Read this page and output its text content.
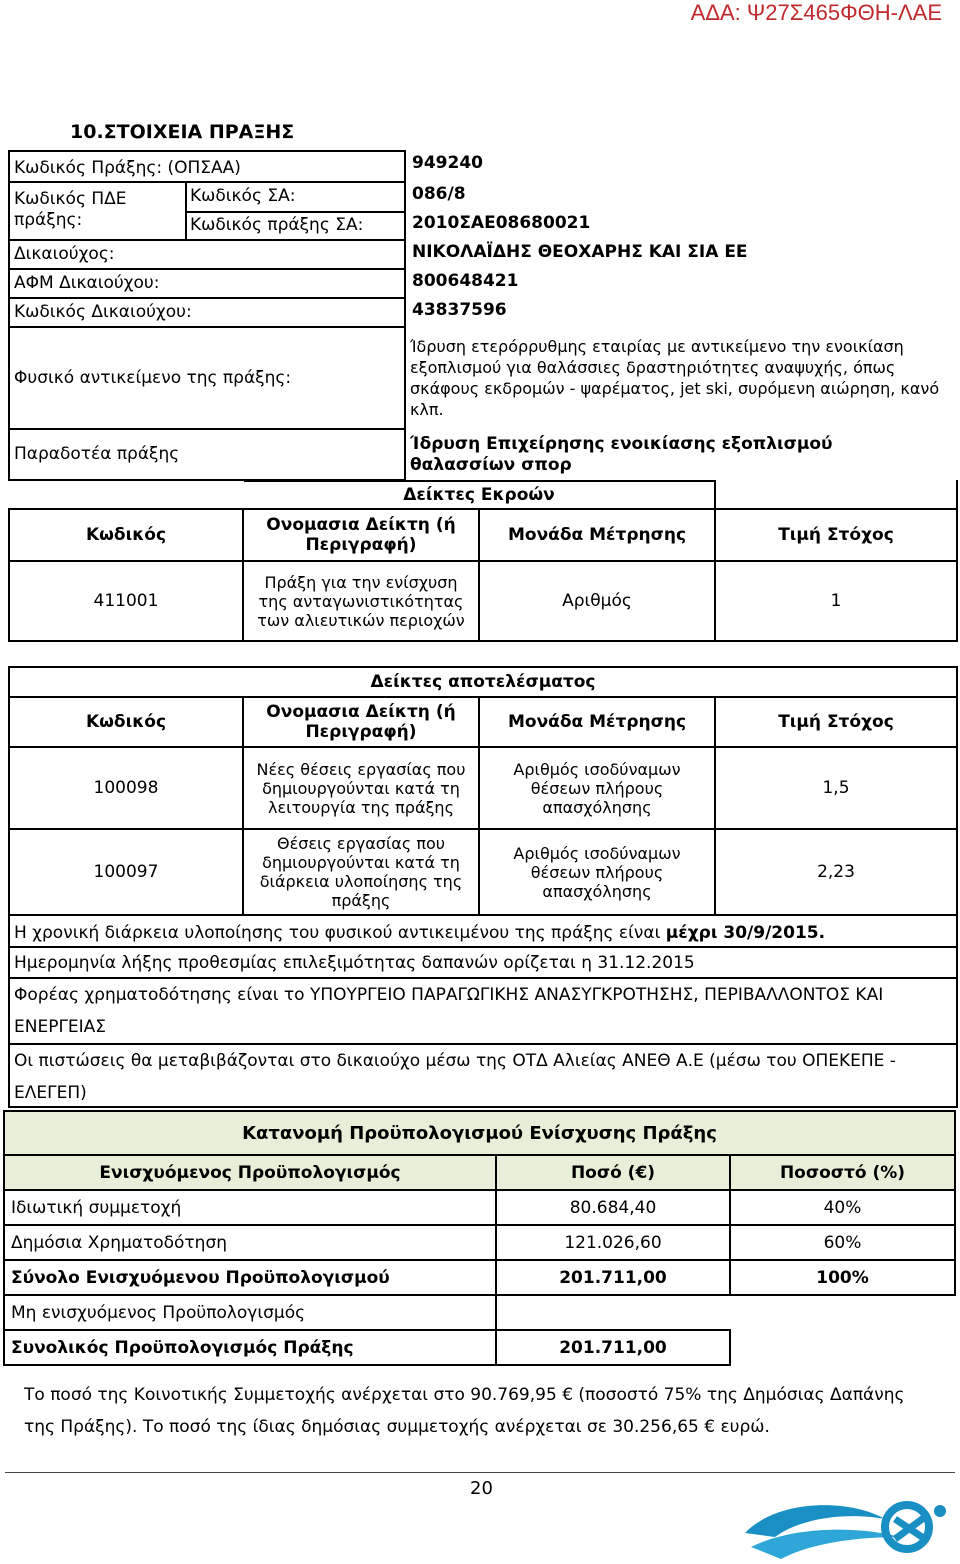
ΑΔΑ: Ψ27Σ465ΦΘΗ-ΛΑΕ
10.ΣΤΟΙΧΕΙΑ ΠΡΑΞΗΣ
Κωδικός Πράξης: (ΟΠΣΑΑ)	949240
Κωδικός ΠΔΕ
πράξης:
Κωδικός ΣΑ:	086/8
Κωδικός πράξης ΣΑ:	2010ΣΑΕ08680021
Δικαιούχος:	ΝΙΚΟΛΑΪΔΗΣ ΘΕΟΧΑΡΗΣ ΚΑΙ ΣΙΑ ΕΕ
ΑΦΜ Δικαιούχου:	800648421
Κωδικός Δικαιούχου:	43837596
Φυσικό αντικείμενο της πράξης:
Ίδρυση ετερόρρυθμης εταιρίας με αντικείμενο την ενοικίαση εξοπλισμού για θαλάσσιες δραστηριότητες αναψυχής, όπως σκάφους εκδρομών - ψαρέματος, jet ski, συρόμενη αιώρηση, κανό κλπ.
Παραδοτέα πράξης	Ίδρυση Επιχείρησης ενοικίασης εξοπλισμού θαλασσίων σπορ
	Δείκτες Εκροών		
Κωδικός	Ονομασια Δείκτη (ή Περιγραφή)	Μονάδα Μέτρησης	Τιμή Στόχος
411001	Πράξη για την ενίσχυση της ανταγωνιστικότητας των αλιευτικών περιοχών	Αριθμός	1
Δείκτες αποτελέσματος			
Κωδικός	Ονομασια Δείκτη (ή Περιγραφή)	Μονάδα Μέτρησης	Τιμή Στόχος
100098	Νέες θέσεις εργασίας που δημιουργούνται κατά τη λειτουργία της πράξης	Αριθμός ισοδύναμων θέσεων πλήρους απασχόλησης	1,5
100097	Θέσεις εργασίας που δημιουργούνται κατά τη διάρκεια υλοποίησης της πράξης	Αριθμός ισοδύναμων θέσεων πλήρους απασχόλησης	2,23
Η χρονική διάρκεια υλοποίησης του φυσικού αντικειμένου της πράξης είναι μέχρι 30/9/2015.
Ημερομηνία λήξης προθεσμίας επιλεξιμότητας δαπανών ορίζεται η 31.12.2015
Φορέας χρηματοδότησης είναι το ΥΠΟΥΡΓΕΙΟ ΠΑΡΑΓΩΓΙΚΗΣ ΑΝΑΣΥΓΚΡΟΤΗΣΗΣ, ΠΕΡΙΒΑΛΛΟΝΤΟΣ ΚΑΙ
ΕΝΕΡΓΕΙΑΣ
Οι πιστώσεις θα μεταβιβάζονται στο δικαιούχο μέσω της ΟΤΔ Αλιείας ΑΝΕΘ Α.Ε (μέσω του ΟΠΕΚΕΠΕ -
ΕΛΕΓΕΠ)
Κατανομή Προϋπολογισμού Ενίσχυσης Πράξης		
Ενισχυόμενος Προϋπολογισμός	Ποσό (€)	Ποσοστό (%)
Ιδιωτική συμμετοχή	80.684,40	40%
Δημόσια Χρηματοδότηση	121.026,60	60%
Σύνολο Ενισχυόμενου Προϋπολογισμού	201.711,00	100%
Μη ενισχυόμενος Προϋπολογισμός		
Συνολικός Προϋπολογισμός Πράξης	201.711,00	
Το ποσό της Κοινοτικής Συμμετοχής ανέρχεται στο 90.769,95 € (ποσοστό 75% της Δημόσιας Δαπάνης
της Πράξης). Το ποσό της ίδιας δημόσιας συμμετοχής ανέρχεται σε 30.256,65 € ευρώ.
20
